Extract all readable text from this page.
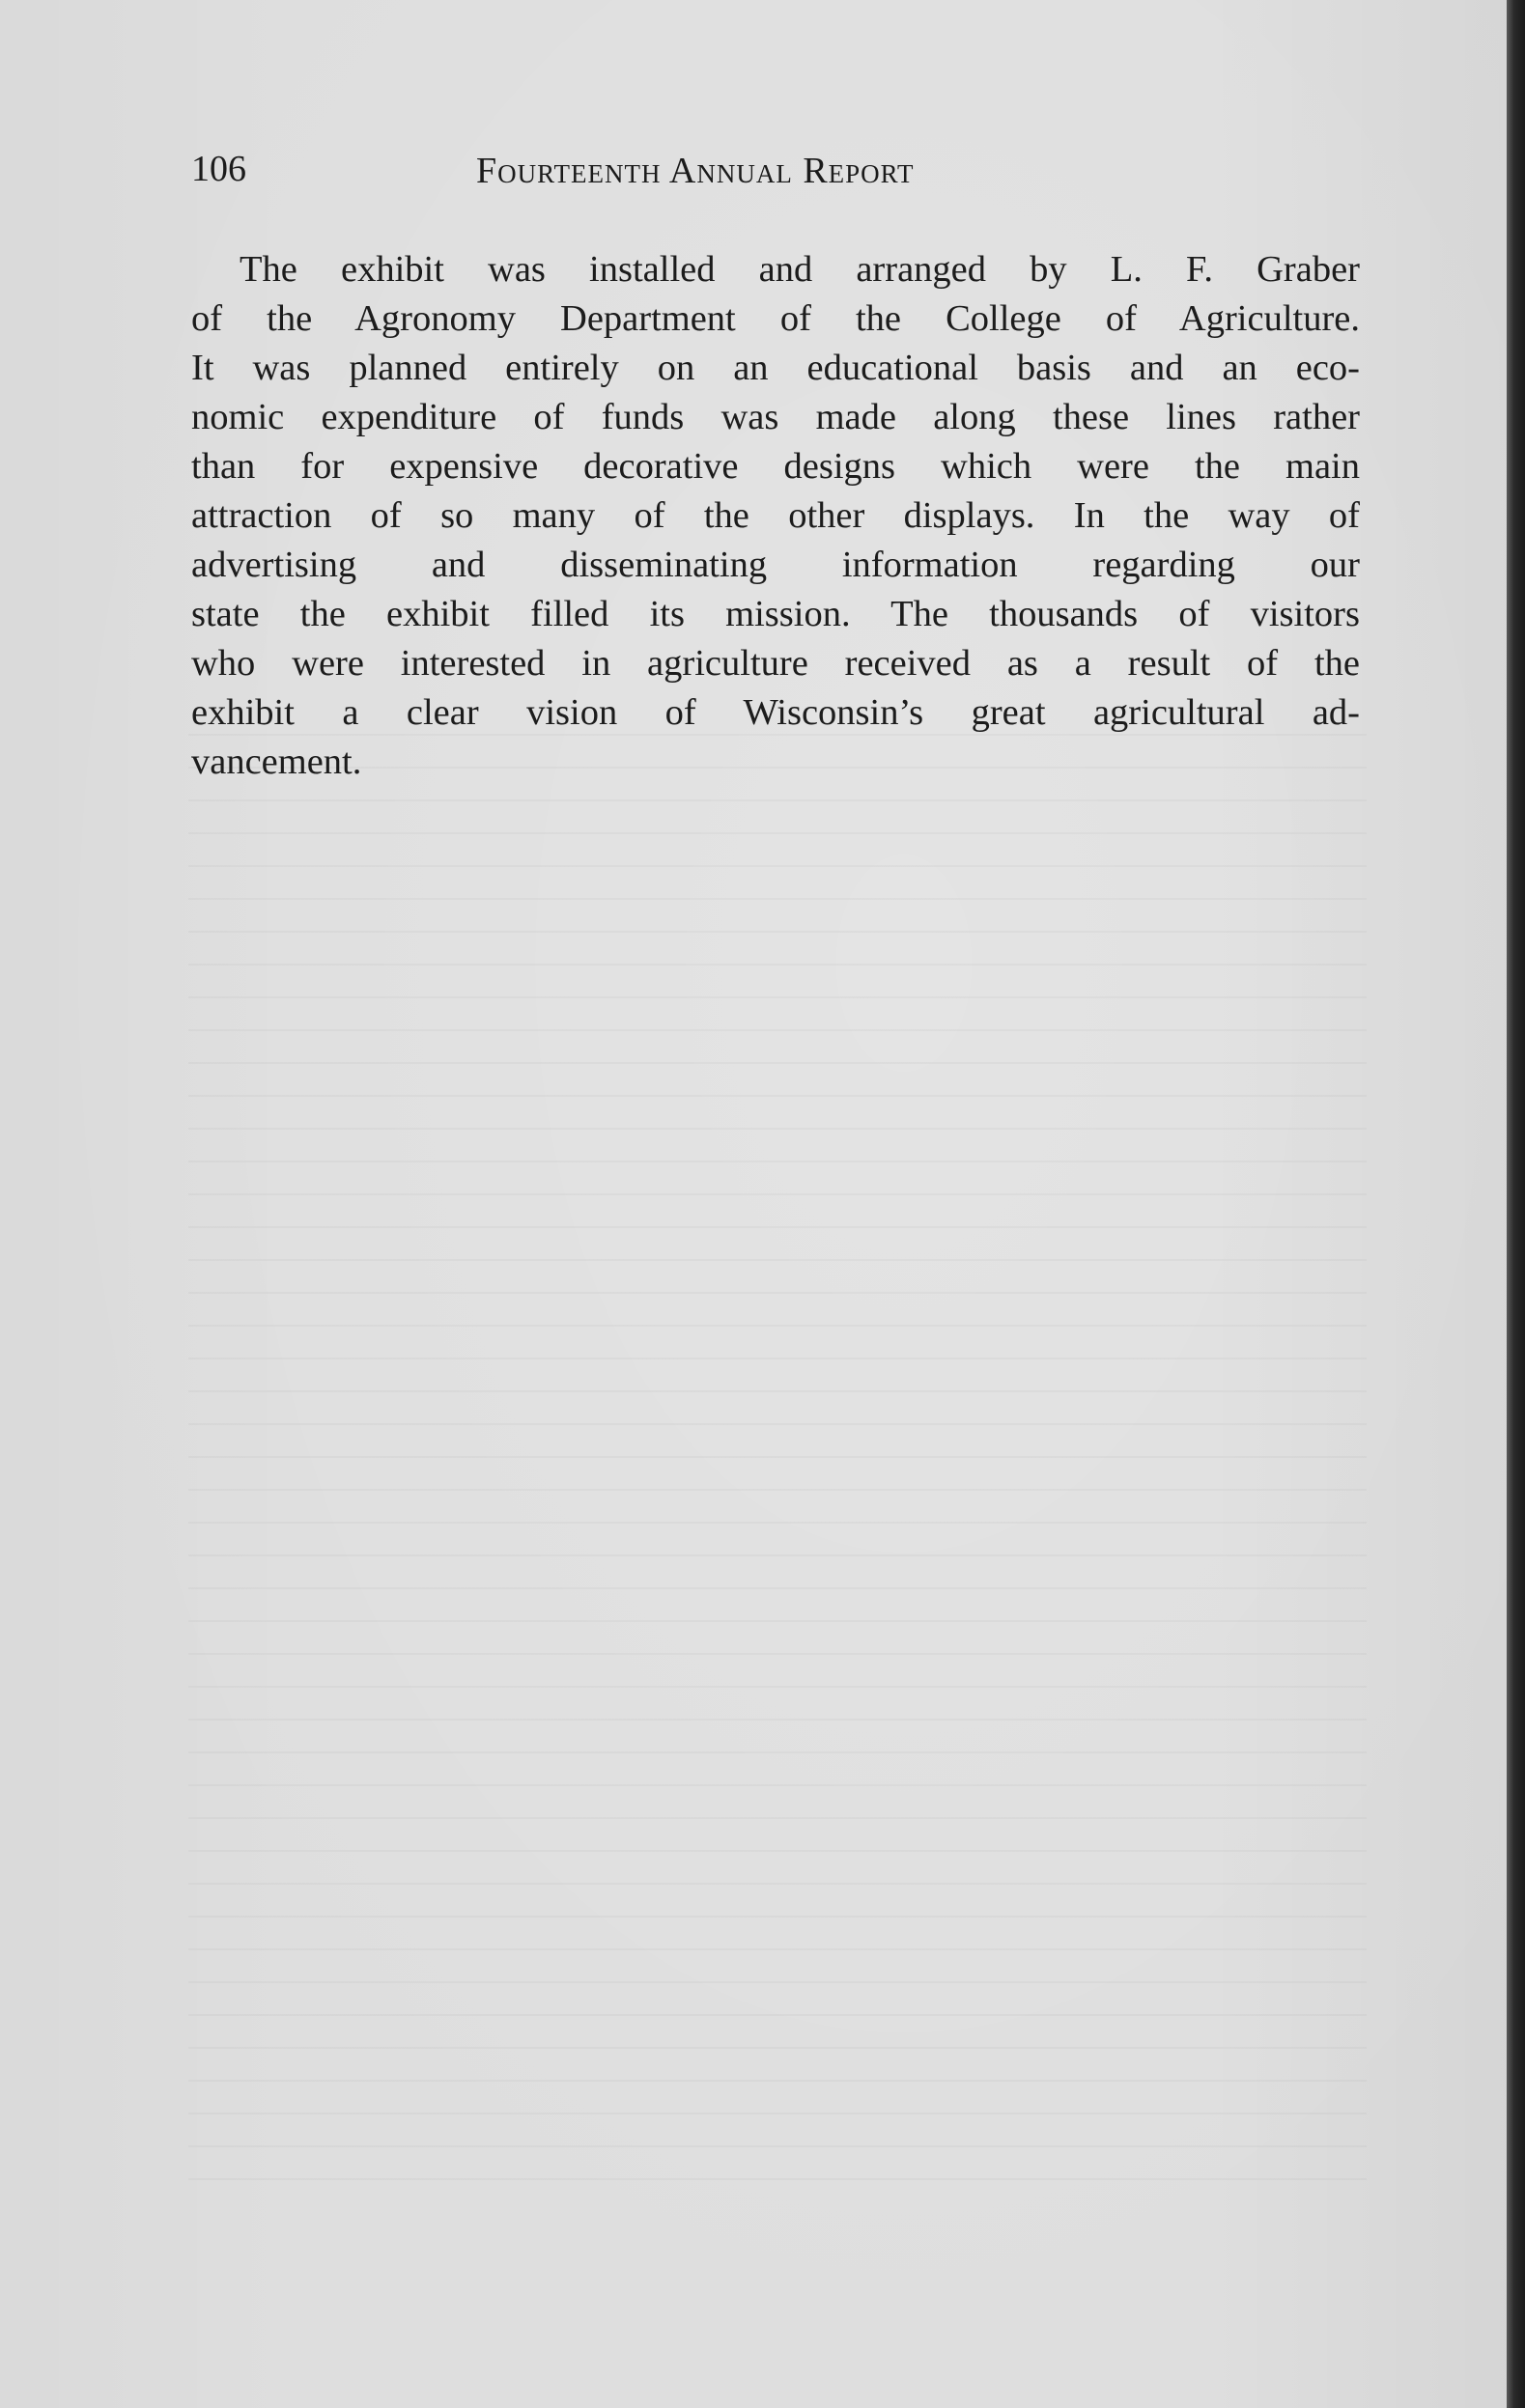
106	Fourteenth Annual Report

The exhibit was installed and arranged by L. F. Graber
of the Agronomy Department of the College of Agriculture.
It was planned entirely on an educational basis and an eco-
nomic expenditure of funds was made along these lines rather
than for expensive decorative designs which were the main
attraction of so many of the other displays. In the way of
advertising and disseminating information regarding our
state the exhibit filled its mission. The thousands of visitors
who were interested in agriculture received as a result of the
exhibit a clear vision of Wisconsin’s great agricultural ad-
vancement.
